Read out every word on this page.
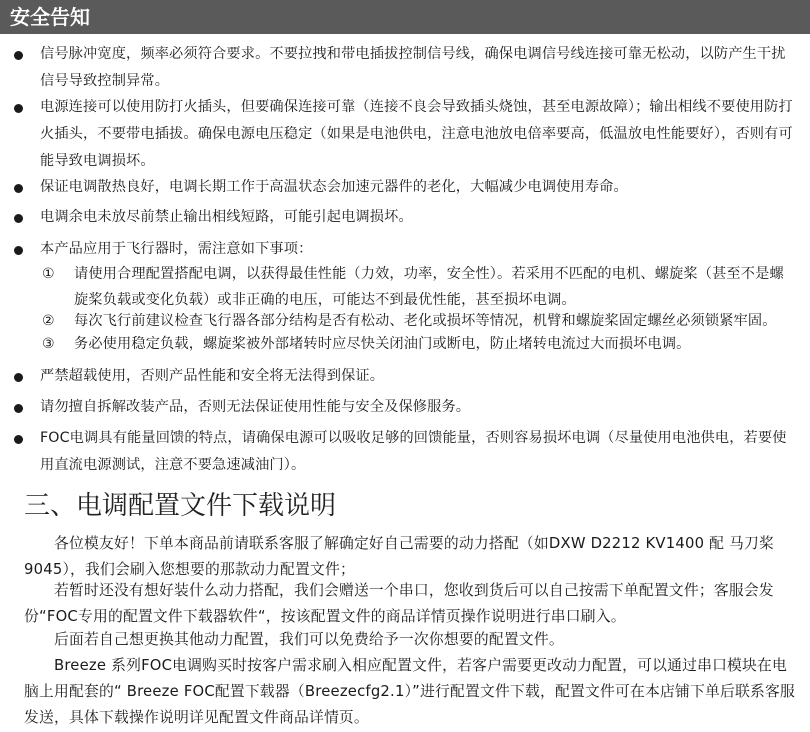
安全告知
信号脉冲宽度，频率必须符合要求。不要拉拽和带电插拔控制信号线，确保电调信号线连接可靠无松动，以防产生干扰信号导致控制异常。
电源连接可以使用防打火插头，但要确保连接可靠（连接不良会导致插头烧蚀，甚至电源故障）；输出相线不要使用防打火插头，不要带电插拔。确保电源电压稳定（如果是电池供电，注意电池放电倍率要高，低温放电性能要好），否则有可能导致电调损坏。
保证电调散热良好，电调长期工作于高温状态会加速元器件的老化，大幅减少电调使用寿命。
电调余电未放尽前禁止输出相线短路，可能引起电调损坏。
本产品应用于飞行器时，需注意如下事项：
① 请使用合理配置搭配电调，以获得最佳性能（力效，功率，安全性）。若采用不匹配的电机、螺旋桨（甚至不是螺旋桨负载或变化负载）或非正确的电压，可能达不到最优性能，甚至损坏电调。
② 每次飞行前建议检查飞行器各部分结构是否有松动、老化或损坏等情况，机臂和螺旋桨固定螺丝必须锁紧牢固。
③ 务必使用稳定负载，螺旋桨被外部堵转时应尽快关闭油门或断电，防止堵转电流过大而损坏电调。
严禁超载使用，否则产品性能和安全将无法得到保证。
请勿擅自拆解改装产品，否则无法保证使用性能与安全及保修服务。
FOC电调具有能量回馈的特点，请确保电源可以吸收足够的回馈能量，否则容易损坏电调（尽量使用电池供电，若要使用直流电源测试，注意不要急速减油门）。
三、电调配置文件下载说明
各位模友好！下单本商品前请联系客服了解确定好自己需要的动力搭配（如DXW D2212 KV1400 配 马刀桨9045），我们会刷入您想要的那款动力配置文件；
若暂时还没有想好装什么动力搭配，我们会赠送一个串口，您收到货后可以自己按需下单配置文件；客服会发份“FOC专用的配置文件下载器软件“，按该配置文件的商品详情页操作说明进行串口刷入。
后面若自己想更换其他动力配置，我们可以免费给予一次你想要的配置文件。
Breeze 系列FOC电调购买时按客户需求刷入相应配置文件，若客户需要更改动力配置，可以通过串口模块在电脑上用配套的“ Breeze FOC配置下载器（Breezecfg2.1）”进行配置文件下载，配置文件可在本店铺下单后联系客服发送，具体下载操作说明详见配置文件商品详情页。
